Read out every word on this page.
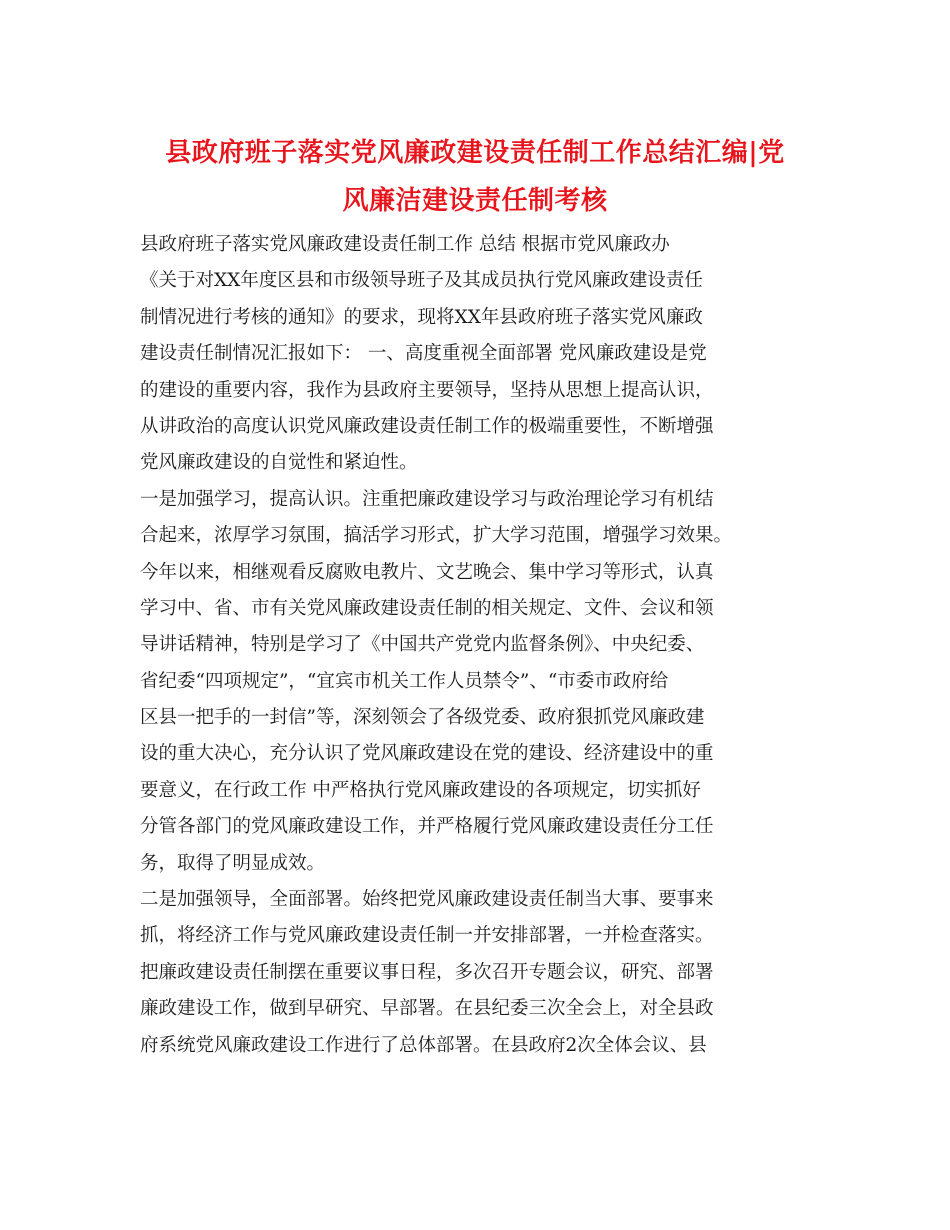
县政府班子落实党风廉政建设责任制工作总结汇编|党
风廉洁建设责任制考核
县政府班子落实党风廉政建设责任制工作 总结 根据市党风廉政办
《关于对XX年度区县和市级领导班子及其成员执行党风廉政建设责任
制情况进行考核的通知》的要求，现将XX年县政府班子落实党风廉政
建设责任制情况汇报如下： 一、高度重视全面部署 党风廉政建设是党
的建设的重要内容，我作为县政府主要领导，坚持从思想上提高认识，
从讲政治的高度认识党风廉政建设责任制工作的极端重要性，不断增强
党风廉政建设的自觉性和紧迫性。
一是加强学习，提高认识。注重把廉政建设学习与政治理论学习有机结
合起来，浓厚学习氛围，搞活学习形式，扩大学习范围，增强学习效果。
今年以来，相继观看反腐败电教片、文艺晚会、集中学习等形式，认真
学习中、省、市有关党风廉政建设责任制的相关规定、文件、会议和领
导讲话精神，特别是学习了《中国共产党党内监督条例》、中央纪委、
省纪委“四项规定”，“宜宾市机关工作人员禁令”、“市委市政府给
区县一把手的一封信”等，深刻领会了各级党委、政府狠抓党风廉政建
设的重大决心，充分认识了党风廉政建设在党的建设、经济建设中的重
要意义，在行政工作 中严格执行党风廉政建设的各项规定，切实抓好
分管各部门的党风廉政建设工作，并严格履行党风廉政建设责任分工任
务，取得了明显成效。
二是加强领导，全面部署。始终把党风廉政建设责任制当大事、要事来
抓，将经济工作与党风廉政建设责任制一并安排部署，一并检查落实。
把廉政建设责任制摆在重要议事日程，多次召开专题会议，研究、部署
廉政建设工作，做到早研究、早部署。在县纪委三次全会上，对全县政
府系统党风廉政建设工作进行了总体部署。在县政府2次全体会议、县
